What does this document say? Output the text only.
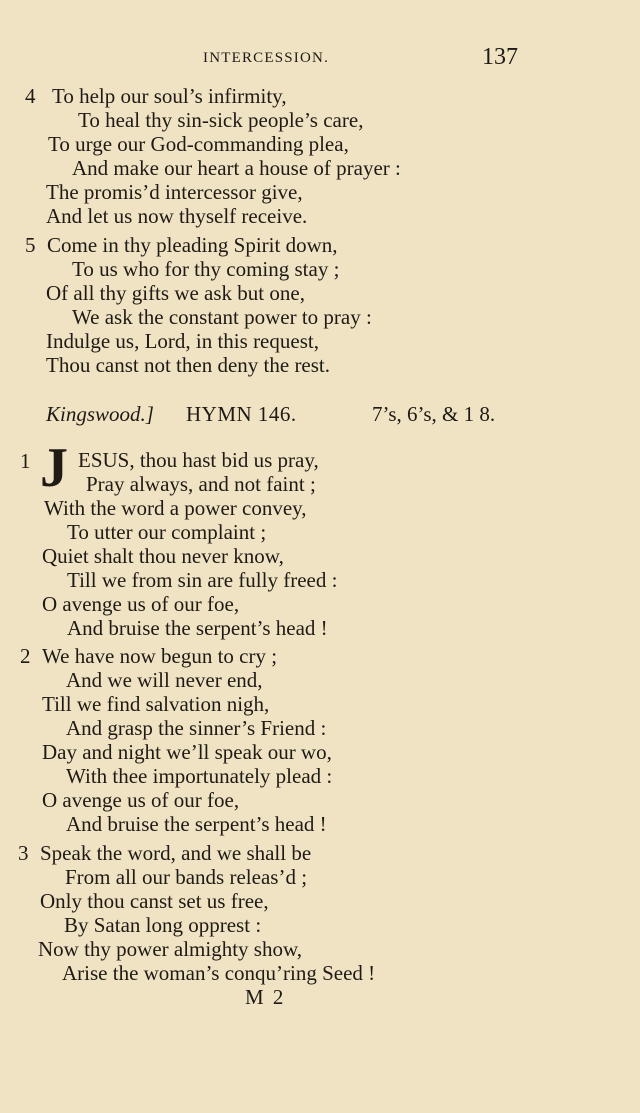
INTERCESSION.	137
4 To help our soul’s infirmity,
To heal thy sin-sick people’s care,
To urge our God-commanding plea,
And make our heart a house of prayer :
The promis’d intercessor give,
And let us now thyself receive.
5 Come in thy pleading Spirit down,
To us who for thy coming stay ;
Of all thy gifts we ask but one,
We ask the constant power to pray :
Indulge us, Lord, in this request,
Thou canst not then deny the rest.
Kingswood.] HYMN 146.	7’s, 6’s, & 1 8.
1 J ESUS, thou hast bid us pray,
Pray always, and not faint ;
With the word a power convey,
To utter our complaint ;
Quiet shalt thou never know,
Till we from sin are fully freed :
O avenge us of our foe,
And bruise the serpent’s head !
2 We have now begun to cry ;
And we will never end,
Till we find salvation nigh,
And grasp the sinner’s Friend :
Day and night we’ll speak our wo,
With thee importunately plead :
O avenge us of our foe,
And bruise the serpent’s head !
3 Speak the word, and we shall be
From all our bands releas’d ;
Only thou canst set us free,
By Satan long opprest :
Now thy power almighty show,
Arise the woman’s conqu’ring Seed !
M 2
